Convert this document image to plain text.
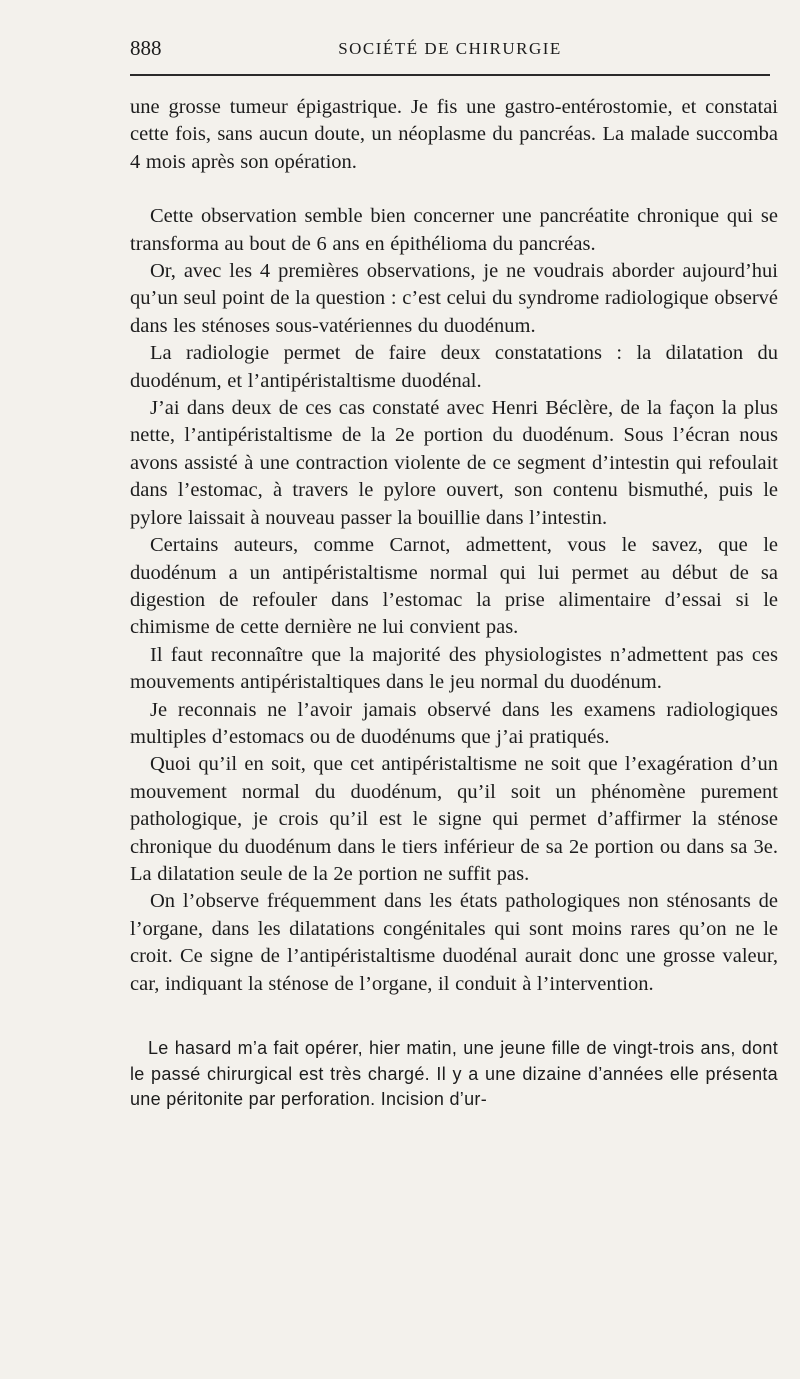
888	SOCIÉTÉ DE CHIRURGIE

une grosse tumeur épigastrique. Je fis une gastro-entérostomie, et constatai cette fois, sans aucun doute, un néoplasme du pancréas. La malade succomba 4 mois après son opération.

Cette observation semble bien concerner une pancréatite chronique qui se transforma au bout de 6 ans en épithélioma du pancréas.

Or, avec les 4 premières observations, je ne voudrais aborder aujourd’hui qu’un seul point de la question : c’est celui du syndrome radiologique observé dans les sténoses sous-vatériennes du duodénum.

La radiologie permet de faire deux constatations : la dilatation du duodénum, et l’antipéristaltisme duodénal.

J’ai dans deux de ces cas constaté avec Henri Béclère, de la façon la plus nette, l’antipéristaltisme de la 2e portion du duodénum. Sous l’écran nous avons assisté à une contraction violente de ce segment d’intestin qui refoulait dans l’estomac, à travers le pylore ouvert, son contenu bismuthé, puis le pylore laissait à nouveau passer la bouillie dans l’intestin.

Certains auteurs, comme Carnot, admettent, vous le savez, que le duodénum a un antipéristaltisme normal qui lui permet au début de sa digestion de refouler dans l’estomac la prise alimentaire d’essai si le chimisme de cette dernière ne lui convient pas.

Il faut reconnaître que la majorité des physiologistes n’admettent pas ces mouvements antipéristaltiques dans le jeu normal du duodénum.

Je reconnais ne l’avoir jamais observé dans les examens radiologiques multiples d’estomacs ou de duodénums que j’ai pratiqués.

Quoi qu’il en soit, que cet antipéristaltisme ne soit que l’exagération d’un mouvement normal du duodénum, qu’il soit un phénomène purement pathologique, je crois qu’il est le signe qui permet d’affirmer la sténose chronique du duodénum dans le tiers inférieur de sa 2e portion ou dans sa 3e. La dilatation seule de la 2e portion ne suffit pas.

On l’observe fréquemment dans les états pathologiques non sténosants de l’organe, dans les dilatations congénitales qui sont moins rares qu’on ne le croit. Ce signe de l’antipéristaltisme duodénal aurait donc une grosse valeur, car, indiquant la sténose de l’organe, il conduit à l’intervention.

Le hasard m’a fait opérer, hier matin, une jeune fille de vingt-trois ans, dont le passé chirurgical est très chargé. Il y a une dizaine d’années elle présenta une péritonite par perforation. Incision d’ur-
